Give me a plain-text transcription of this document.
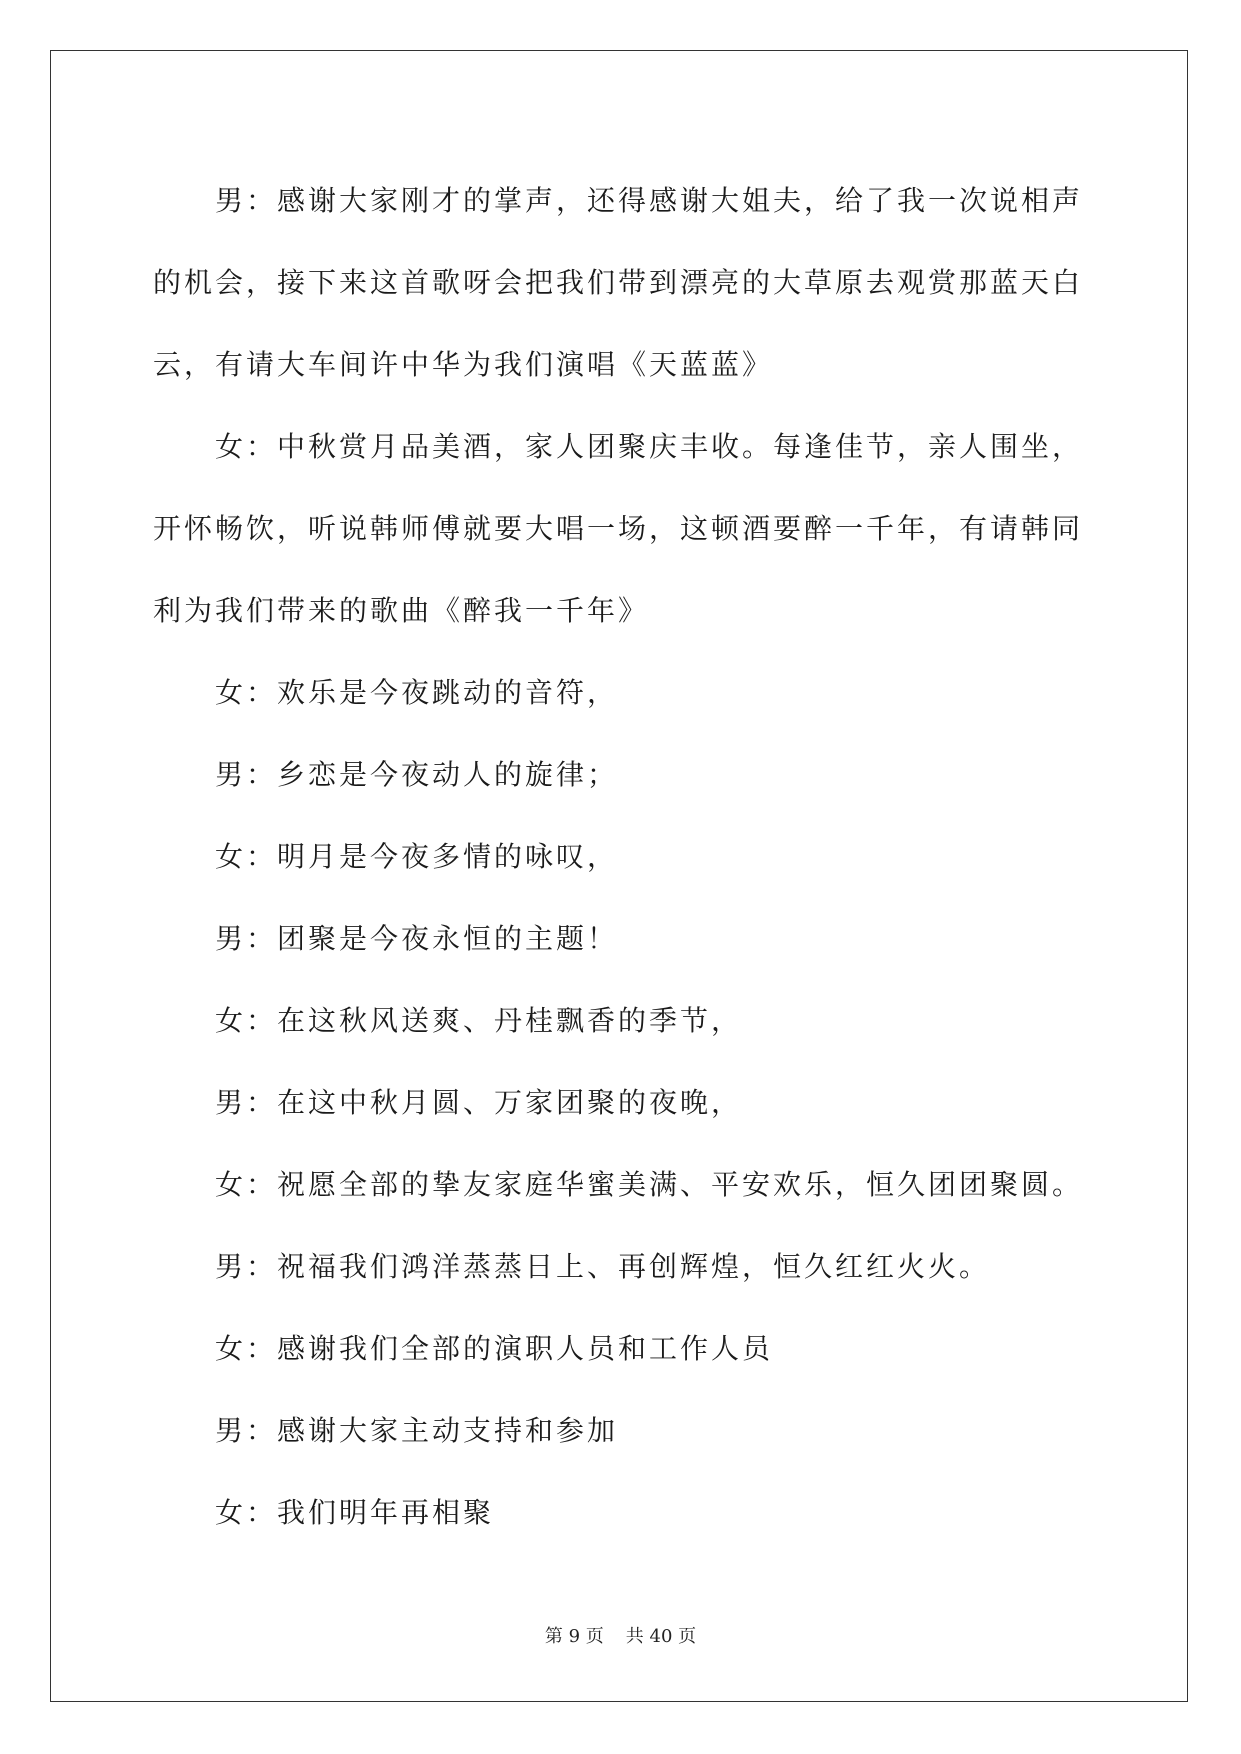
男：感谢大家刚才的掌声，还得感谢大姐夫，给了我一次说相声的机会，接下来这首歌呀会把我们带到漂亮的大草原去观赏那蓝天白云，有请大车间许中华为我们演唱《天蓝蓝》

女：中秋赏月品美酒，家人团聚庆丰收。每逢佳节，亲人围坐，开怀畅饮，听说韩师傅就要大唱一场，这顿酒要醉一千年，有请韩同利为我们带来的歌曲《醉我一千年》

女：欢乐是今夜跳动的音符，

男：乡恋是今夜动人的旋律；

女：明月是今夜多情的咏叹，

男：团聚是今夜永恒的主题！

女：在这秋风送爽、丹桂飘香的季节，

男：在这中秋月圆、万家团聚的夜晚，

女：祝愿全部的挚友家庭华蜜美满、平安欢乐，恒久团团聚圆。

男：祝福我们鸿洋蒸蒸日上、再创辉煌，恒久红红火火。

女：感谢我们全部的演职人员和工作人员

男：感谢大家主动支持和参加

女：我们明年再相聚

第 9 页 共 40 页
